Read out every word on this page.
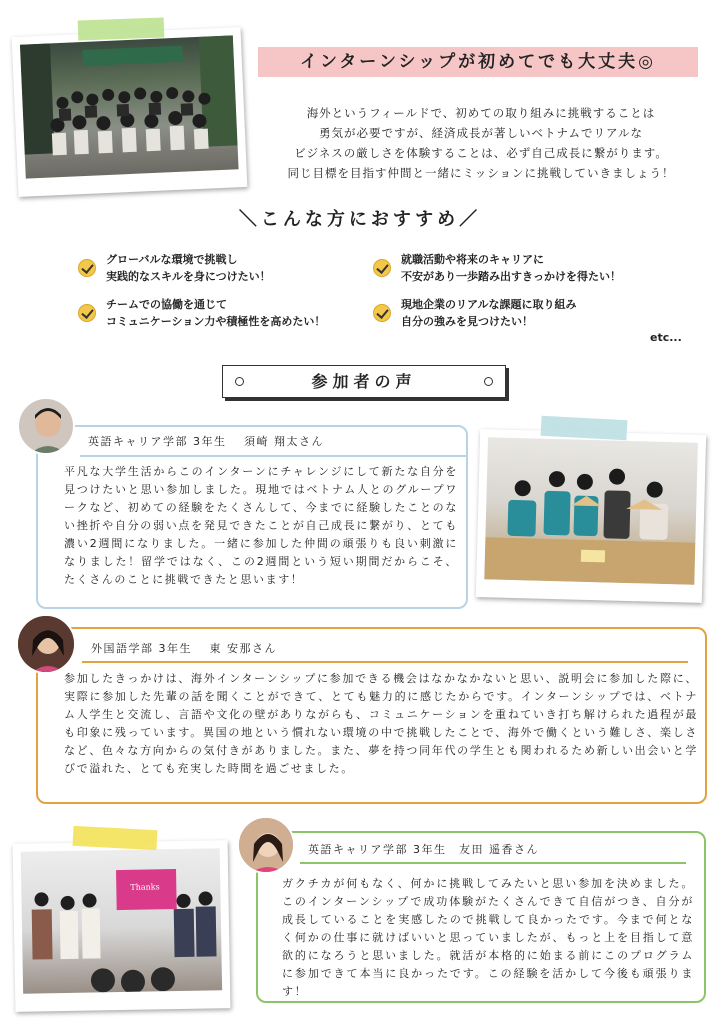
インターンシップが初めてでも大丈夫◎
海外というフィールドで、初めての取り組みに挑戦することは
勇気が必要ですが、経済成長が著しいベトナムでリアルな
ビジネスの厳しさを体験することは、必ず自己成長に繋がります。
同じ目標を目指す仲間と一緒にミッションに挑戦していきましょう！
＼こんな方におすすめ／
グローバルな環境で挑戦し
実践的なスキルを身につけたい！
就職活動や将来のキャリアに
不安があり一歩踏み出すきっかけを得たい！
チームでの協働を通じて
コミュニケーション力や積極性を高めたい！
現地企業のリアルな課題に取り組み
自分の強みを見つけたい！
etc...
参加者の声
英語キャリア学部 3年生　 須崎 翔太さん
平凡な大学生活からこのインターンにチャレンジにして新たな自分を見つけたいと思い参加しました。現地ではベトナム人とのグループワークなど、初めての経験をたくさんして、今までに経験したことのない挫折や自分の弱い点を発見できたことが自己成長に繋がり、とても濃い2週間になりました。一緒に参加した仲間の頑張りも良い刺激になりました！留学ではなく、この2週間という短い期間だからこそ、たくさんのことに挑戦できたと思います！
外国語学部 3年生　 東 安那さん
参加したきっかけは、海外インターンシップに参加できる機会はなかなかないと思い、説明会に参加した際に、実際に参加した先輩の話を聞くことができて、とても魅力的に感じたからです。インターンシップでは、ベトナム人学生と交流し、言語や文化の壁がありながらも、コミュニケーションを重ねていき打ち解けられた過程が最も印象に残っています。異国の地という慣れない環境の中で挑戦したことで、海外で働くという難しさ、楽しさなど、色々な方向からの気付きがありました。また、夢を持つ同年代の学生とも関われるため新しい出会いと学びで溢れた、とても充実した時間を過ごせました。
Thanks
英語キャリア学部 3年生　友田 遥香さん
ガクチカが何もなく、何かに挑戦してみたいと思い参加を決めました。このインターンシップで成功体験がたくさんできて自信がつき、自分が成長していることを実感したので挑戦して良かったです。今まで何となく何かの仕事に就けばいいと思っていましたが、もっと上を目指して意欲的になろうと思いました。就活が本格的に始まる前にこのプログラムに参加できて本当に良かったです。この経験を活かして今後も頑張ります！
